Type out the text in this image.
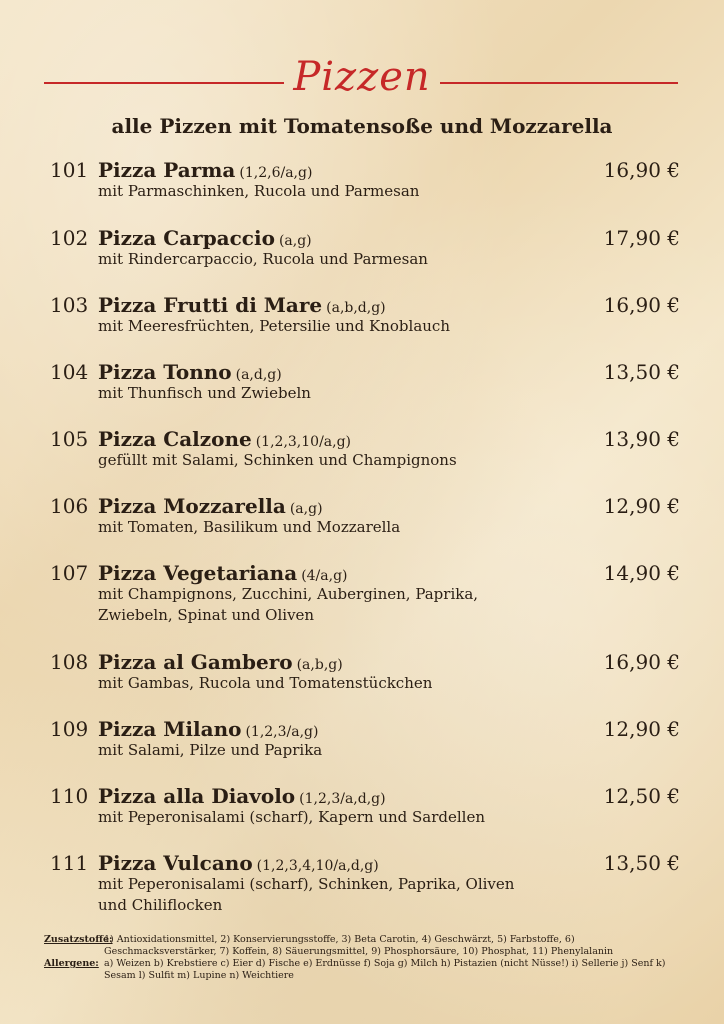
Pizzen
alle Pizzen mit Tomatensoße und Mozzarella
101 Pizza Parma (1,2,6/a,g)	16,90 €
mit Parmaschinken, Rucola und Parmesan
102 Pizza Carpaccio (a,g)	17,90 €
mit Rindercarpaccio, Rucola und Parmesan
103 Pizza Frutti di Mare (a,b,d,g)	16,90 €
mit Meeresfrüchten, Petersilie und Knoblauch
104 Pizza Tonno (a,d,g)	13,50 €
mit Thunfisch und Zwiebeln
105 Pizza Calzone (1,2,3,10/a,g)	13,90 €
gefüllt mit Salami, Schinken und Champignons
106 Pizza Mozzarella (a,g)	12,90 €
mit Tomaten, Basilikum und Mozzarella
107 Pizza Vegetariana (4/a,g)	14,90 €
mit Champignons, Zucchini, Auberginen, Paprika, Zwiebeln, Spinat und Oliven
108 Pizza al Gambero (a,b,g)	16,90 €
mit Gambas, Rucola und Tomatenstückchen
109 Pizza Milano (1,2,3/a,g)	12,90 €
mit Salami, Pilze und Paprika
110 Pizza alla Diavolo (1,2,3/a,d,g)	12,50 €
mit Peperonisalami (scharf), Kapern und Sardellen
111 Pizza Vulcano (1,2,3,4,10/a,d,g)	13,50 €
mit Peperonisalami (scharf), Schinken, Paprika, Oliven und Chiliflocken
Zusatzstoffe:
1) Antioxidationsmittel, 2) Konservierungsstoffe, 3) Beta Carotin, 4) Geschwärzt, 5) Farbstoffe, 6) Geschmacksverstärker, 7) Koffein, 8) Säuerungsmittel, 9) Phosphorsäure, 10) Phosphat, 11) Phenylalanin
Allergene: a) Weizen b) Krebstiere c) Eier d) Fische e) Erdnüsse f) Soja g) Milch h) Pistazien (nicht Nüsse!) i) Sellerie j) Senf k) Sesam l) Sulfit m) Lupine n) Weichtiere
